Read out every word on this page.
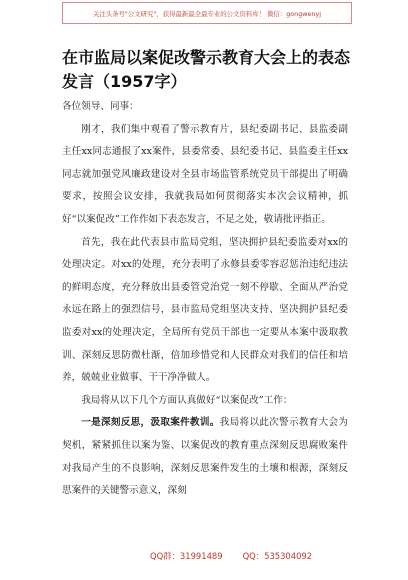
关注头条号"公文研究"，获得最新最全最专业的公文资料库！ 微信：gongwenyj
在市监局以案促改警示教育大会上的表态发言（1957字）

各位领导、同事：

刚才，我们集中观看了警示教育片，县纪委副书记、县监委副主任xx同志通报了xx案件，县委常委、县纪委书记、县监委主任xx同志就加强党风廉政建设对全县市场监管系统党员干部提出了明确要求，按照会议安排，我就我局如何贯彻落实本次会议精神，抓好“以案促改”工作作如下表态发言，不足之处，敬请批评指正。

首先，我在此代表县市监局党组，坚决拥护县纪委监委对xx的处理决定。对xx的处理，充分表明了永修县委零容忍惩治违纪违法的鲜明态度，充分释放出县委管党治党一刻不停歇、全面从严治党永远在路上的强烈信号，县市监局党组坚决支持、坚决拥护县纪委监委对xx的处理决定，全局所有党员干部也一定要从本案中汲取教训、深刻反思防微杜渐，倍加珍惜党和人民群众对我们的信任和培养，兢兢业业做事、干干净净做人。

我局将从以下几个方面认真做好“以案促改”工作：

一是深刻反思，汲取案件教训。我局将以此次警示教育大会为契机，紧紧抓住以案为鉴、以案促改的教育重点深刻反思腐败案件对我局产生的不良影响，深刻反思案件发生的土壤和根源，深刻反思案件的关键警示意义，深刻

QQ群：31991489 QQ：535304092
